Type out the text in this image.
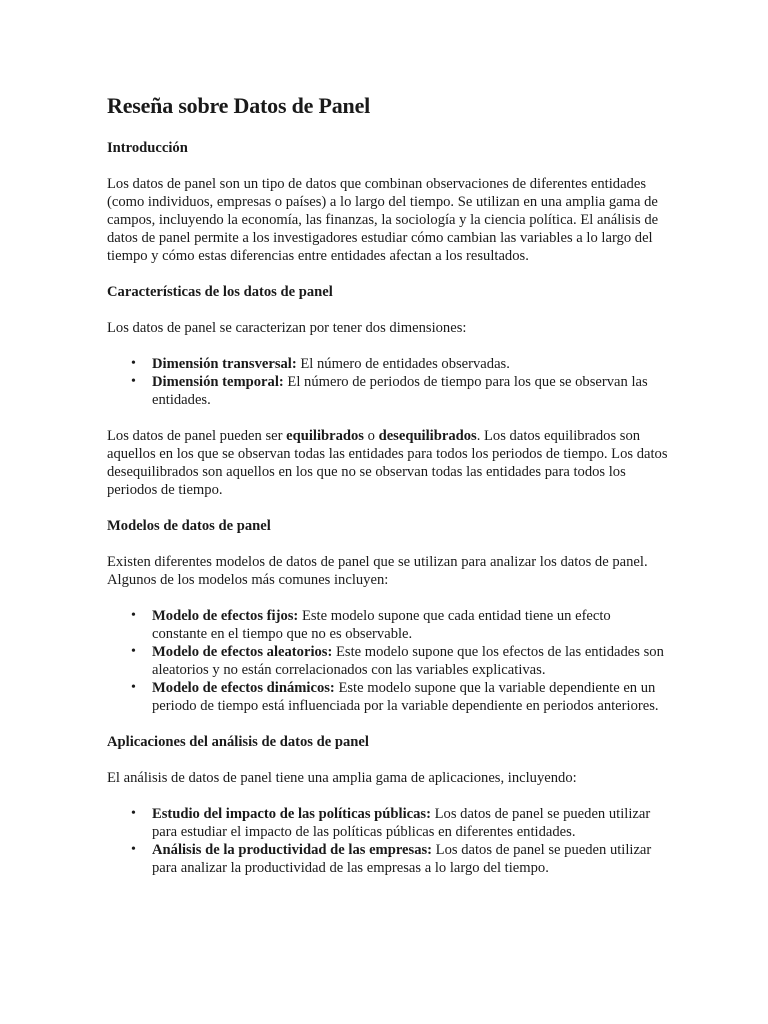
Reseña sobre Datos de Panel
Introducción

Los datos de panel son un tipo de datos que combinan observaciones de diferentes entidades (como individuos, empresas o países) a lo largo del tiempo. Se utilizan en una amplia gama de campos, incluyendo la economía, las finanzas, la sociología y la ciencia política. El análisis de datos de panel permite a los investigadores estudiar cómo cambian las variables a lo largo del tiempo y cómo estas diferencias entre entidades afectan a los resultados.

Características de los datos de panel

Los datos de panel se caracterizan por tener dos dimensiones:

• Dimensión transversal: El número de entidades observadas.
• Dimensión temporal: El número de periodos de tiempo para los que se observan las entidades.

Los datos de panel pueden ser equilibrados o desequilibrados. Los datos equilibrados son aquellos en los que se observan todas las entidades para todos los periodos de tiempo. Los datos desequilibrados son aquellos en los que no se observan todas las entidades para todos los periodos de tiempo.

Modelos de datos de panel

Existen diferentes modelos de datos de panel que se utilizan para analizar los datos de panel. Algunos de los modelos más comunes incluyen:

• Modelo de efectos fijos: Este modelo supone que cada entidad tiene un efecto constante en el tiempo que no es observable.
• Modelo de efectos aleatorios: Este modelo supone que los efectos de las entidades son aleatorios y no están correlacionados con las variables explicativas.
• Modelo de efectos dinámicos: Este modelo supone que la variable dependiente en un periodo de tiempo está influenciada por la variable dependiente en periodos anteriores.
Aplicaciones del análisis de datos de panel

El análisis de datos de panel tiene una amplia gama de aplicaciones, incluyendo:

• Estudio del impacto de las políticas públicas: Los datos de panel se pueden utilizar para estudiar el impacto de las políticas públicas en diferentes entidades.
• Análisis de la productividad de las empresas: Los datos de panel se pueden utilizar para analizar la productividad de las empresas a lo largo del tiempo.
